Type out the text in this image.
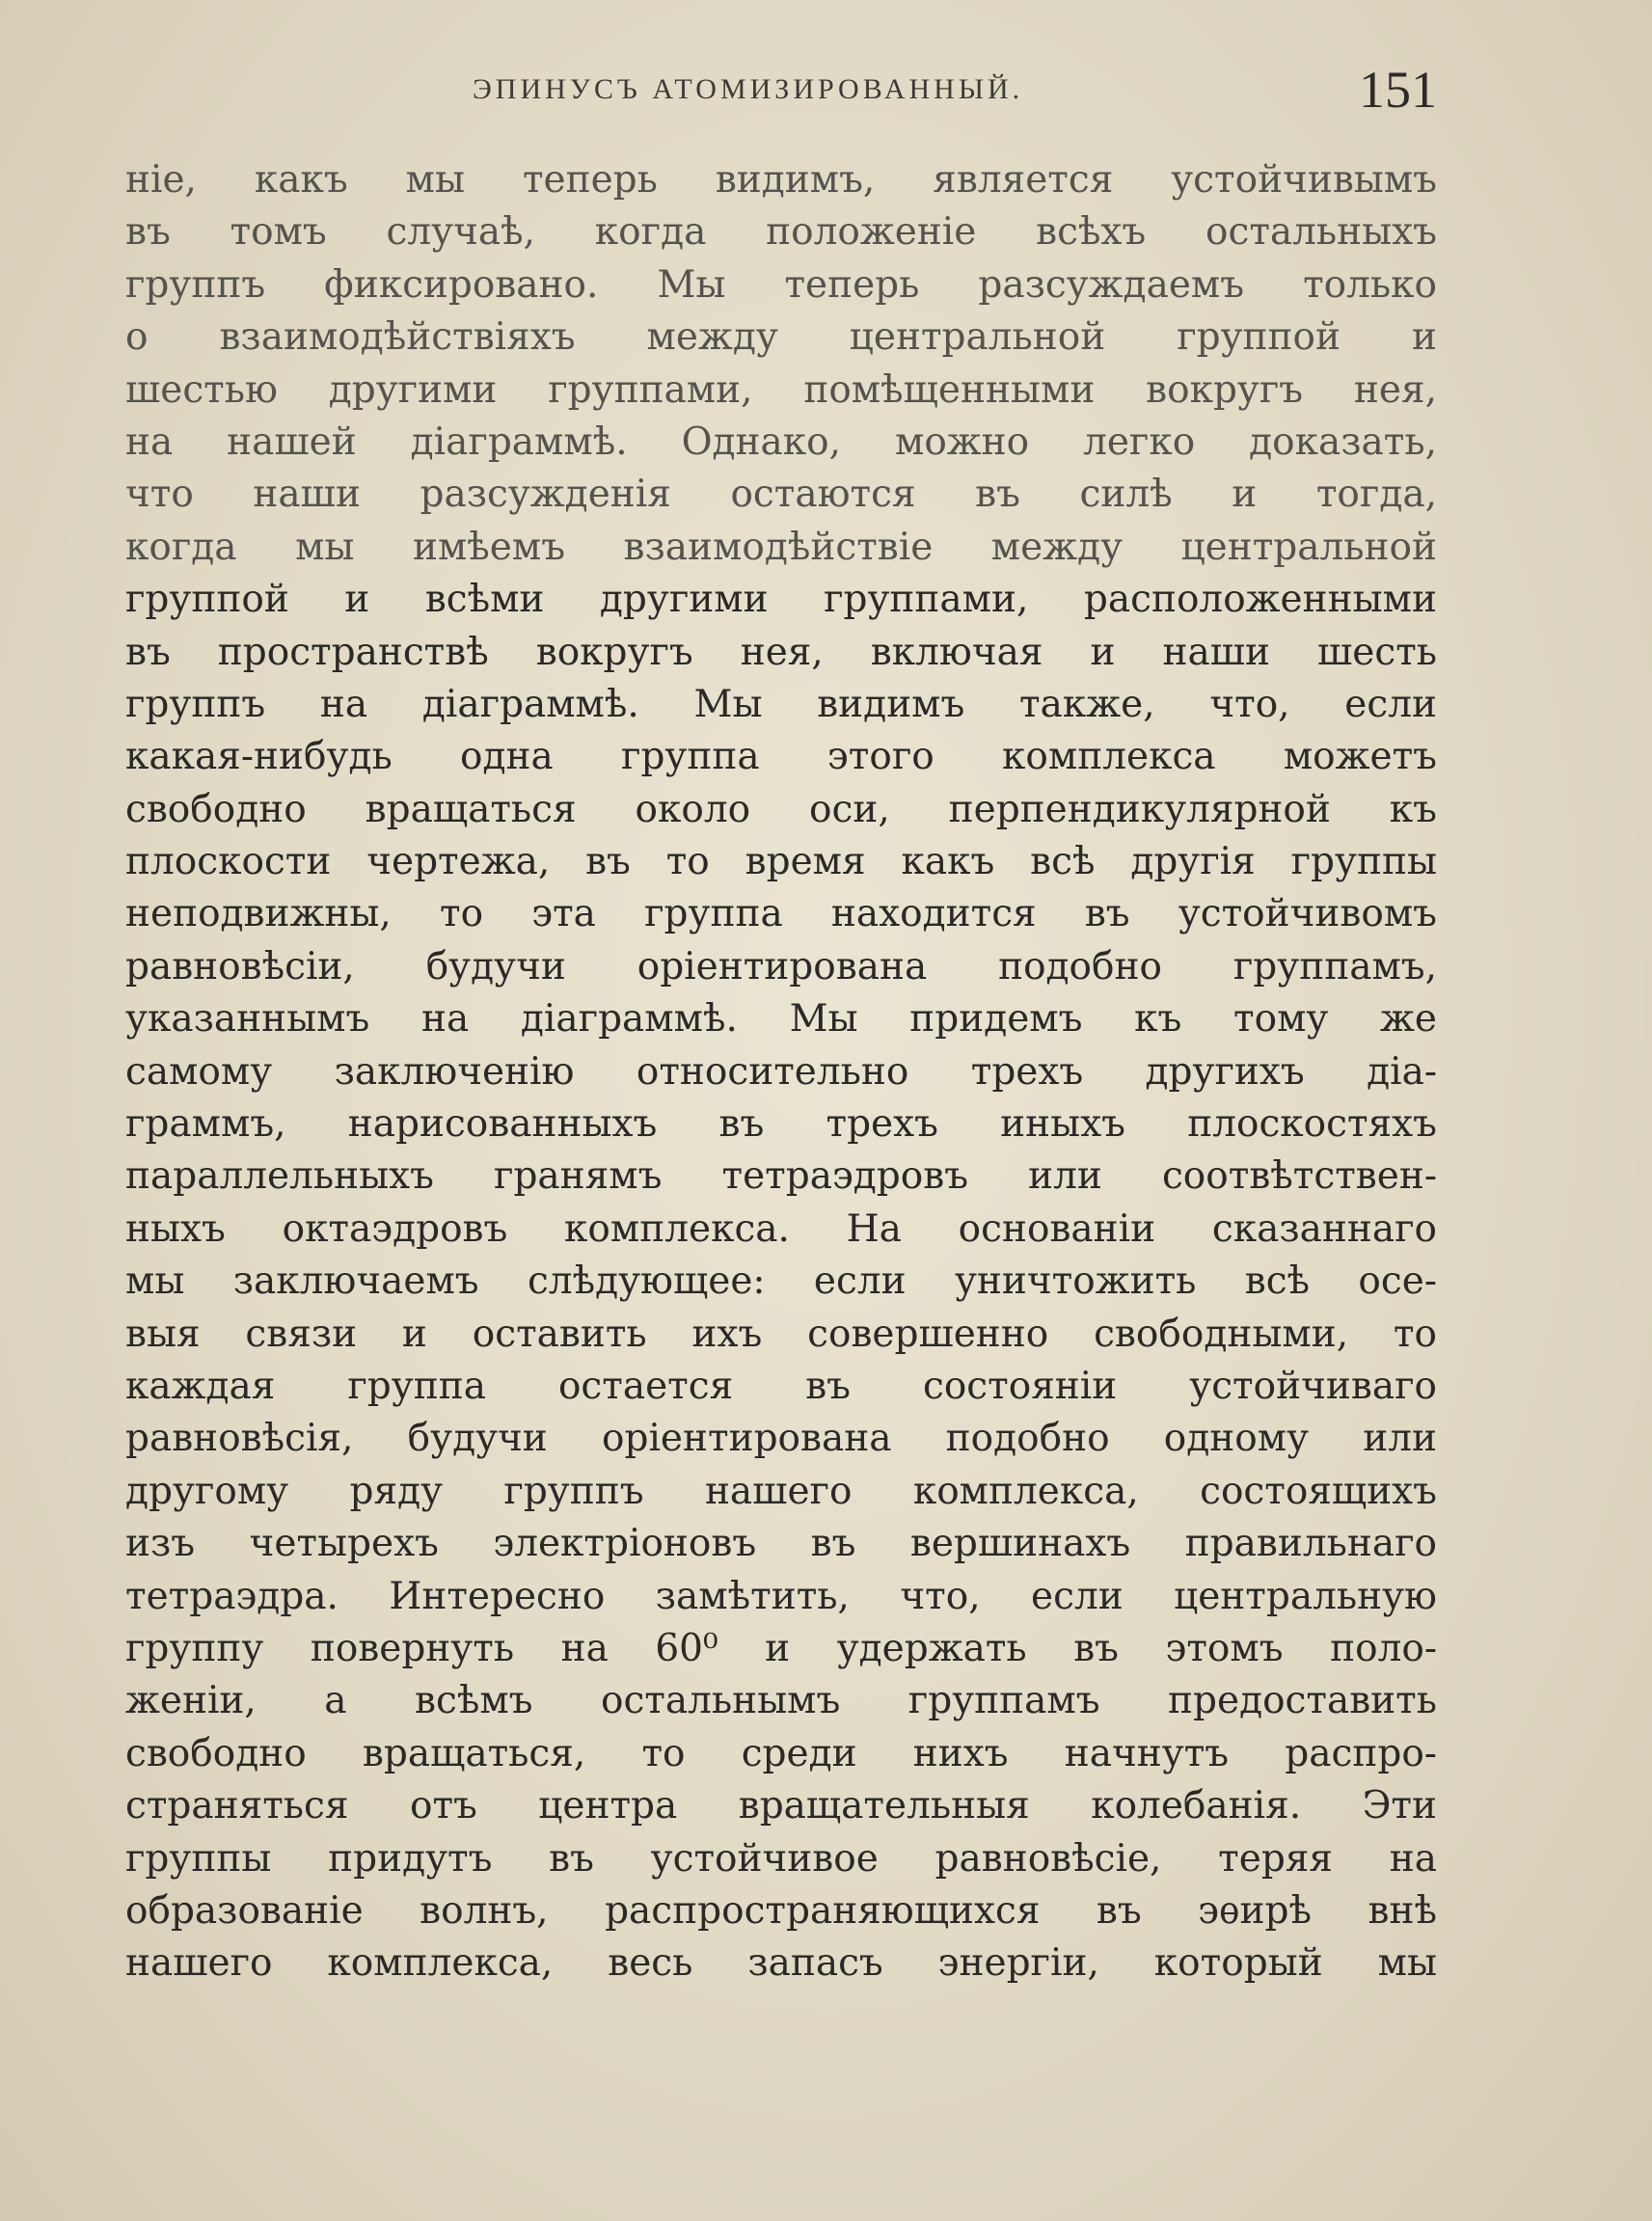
ЭПИНУСЪ АТОМИЗИРОВАННЫЙ.	151
ніе, какъ мы теперь видимъ, является устойчивымъ
въ томъ случаѣ, когда положеніе всѣхъ остальныхъ
группъ фиксировано. Мы теперь разсуждаемъ только
о взаимодѣйствіяхъ между центральной группой и
шестью другими группами, помѣщенными вокругъ нея,
на нашей діаграммѣ. Однако, можно легко доказать,
что наши разсужденія остаются въ силѣ и тогда,
когда мы имѣемъ взаимодѣйствіе между центральной
группой и всѣми другими группами, расположенными
въ пространствѣ вокругъ нея, включая и наши шесть
группъ на діаграммѣ. Мы видимъ также, что, если
какая-нибудь одна группа этого комплекса можетъ
свободно вращаться около оси, перпендикулярной къ
плоскости чертежа, въ то время какъ всѣ другія группы
неподвижны, то эта группа находится въ устойчивомъ
равновѣсіи, будучи оріентирована подобно группамъ,
указаннымъ на діаграммѣ. Мы придемъ къ тому же
самому заключенію относительно трехъ другихъ діа-
граммъ, нарисованныхъ въ трехъ иныхъ плоскостяхъ
параллельныхъ гранямъ тетраэдровъ или соотвѣтствен-
ныхъ октаэдровъ комплекса. На основаніи сказаннаго
мы заключаемъ слѣдующее: если уничтожить всѣ осе-
выя связи и оставить ихъ совершенно свободными, то
каждая группа остается въ состояніи устойчиваго
равновѣсія, будучи оріентирована подобно одному или
другому ряду группъ нашего комплекса, состоящихъ
изъ четырехъ электріоновъ въ вершинахъ правильнаго
тетраэдра. Интересно замѣтить, что, если центральную
группу повернуть на 60⁰ и удержать въ этомъ поло-
женіи, а всѣмъ остальнымъ группамъ предоставить
свободно вращаться, то среди нихъ начнутъ распро-
страняться отъ центра вращательныя колебанія. Эти
группы придутъ въ устойчивое равновѣсіе, теряя на
образованіе волнъ, распространяющихся въ эѳирѣ внѣ
нашего комплекса, весь запасъ энергіи, который мы
